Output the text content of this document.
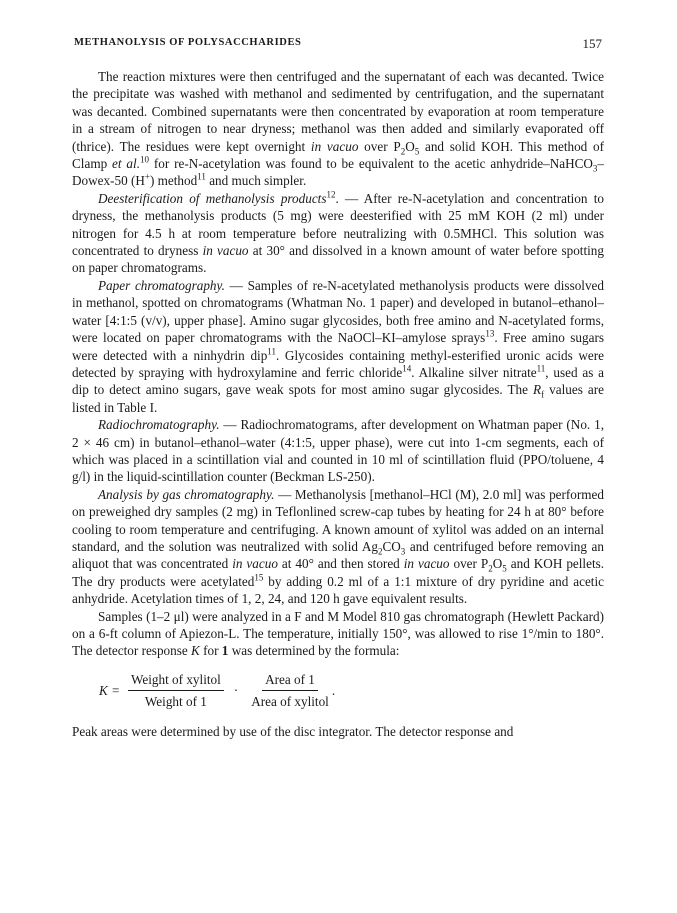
METHANOLYSIS OF POLYSACCHARIDES	157

The reaction mixtures were then centrifuged and the supernatant of each was decanted. Twice the precipitate was washed with methanol and sedimented by centrifugation, and the supernatant was decanted. Combined supernatants were then concentrated by evaporation at room temperature in a stream of nitrogen to near dryness; methanol was then added and similarly evaporated off (thrice). The residues were kept overnight in vacuo over $P_2O_5$ and solid KOH. This method of Clamp et al.$^{10}$ for re-N-acetylation was found to be equivalent to the acetic anhydride–NaHCO$_3$–Dowex-50 (H+) method$^{11}$ and much simpler.

Deesterification of methanolysis products$^{12}$. — After re-N-acetylation and concentration to dryness, the methanolysis products (5 mg) were deesterified with 25 mM KOH (2 ml) under nitrogen for 4.5 h at room temperature before neutralizing with 0.5MHCl. This solution was concentrated to dryness in vacuo at 30° and dissolved in a known amount of water before spotting on paper chromatograms.

Paper chromatography. — Samples of re-N-acetylated methanolysis products were dissolved in methanol, spotted on chromatograms (Whatman No. 1 paper) and developed in butanol–ethanol–water [4:1:5 (v/v), upper phase]. Amino sugar glycosides, both free amino and N-acetylated forms, were located on paper chromatograms with the NaOCl–KI–amylose sprays$^{13}$. Free amino sugars were detected with a ninhydrin dip$^{11}$. Glycosides containing methyl-esterified uronic acids were detected by spraying with hydroxylamine and ferric chloride$^{14}$. Alkaline silver nitrate$^{11}$, used as a dip to detect amino sugars, gave weak spots for most amino sugar glycosides. The $R_f$ values are listed in Table I.

Radiochromatography. — Radiochromatograms, after development on Whatman paper (No. 1, 2 × 46 cm) in butanol–ethanol–water (4:1:5, upper phase), were cut into 1-cm segments, each of which was placed in a scintillation vial and counted in 10 ml of scintillation fluid (PPO/toluene, 4 g/l) in the liquid-scintillation counter (Beckman LS-250).

Analysis by gas chromatography. — Methanolysis [methanol–HCl (M), 2.0 ml] was performed on preweighed dry samples (2 mg) in Teflonlined screw-cap tubes by heating for 24 h at 80° before cooling to room temperature and centrifuging. A known amount of xylitol was added on an internal standard, and the solution was neutralized with solid $Ag_2CO_3$ and centrifuged before removing an aliquot that was concentrated in vacuo at 40° and then stored in vacuo over $P_2O_5$ and KOH pellets. The dry products were acetylated$^{15}$ by adding 0.2 ml of a 1:1 mixture of dry pyridine and acetic anhydride. Acetylation times of 1, 2, 24, and 120 h gave equivalent results.

Samples (1–2 μl) were analyzed in a F and M Model 810 gas chromatograph (Hewlett Packard) on a 6-ft column of Apiezon-L. The temperature, initially 150°, was allowed to rise 1°/min to 180°. The detector response K for 1 was determined by the formula:

$K = \frac{\text{Weight of xylitol}}{\text{Weight of 1}} \cdot \frac{\text{Area of 1}}{\text{Area of xylitol}}$ .

Peak areas were determined by use of the disc integrator. The detector response and
